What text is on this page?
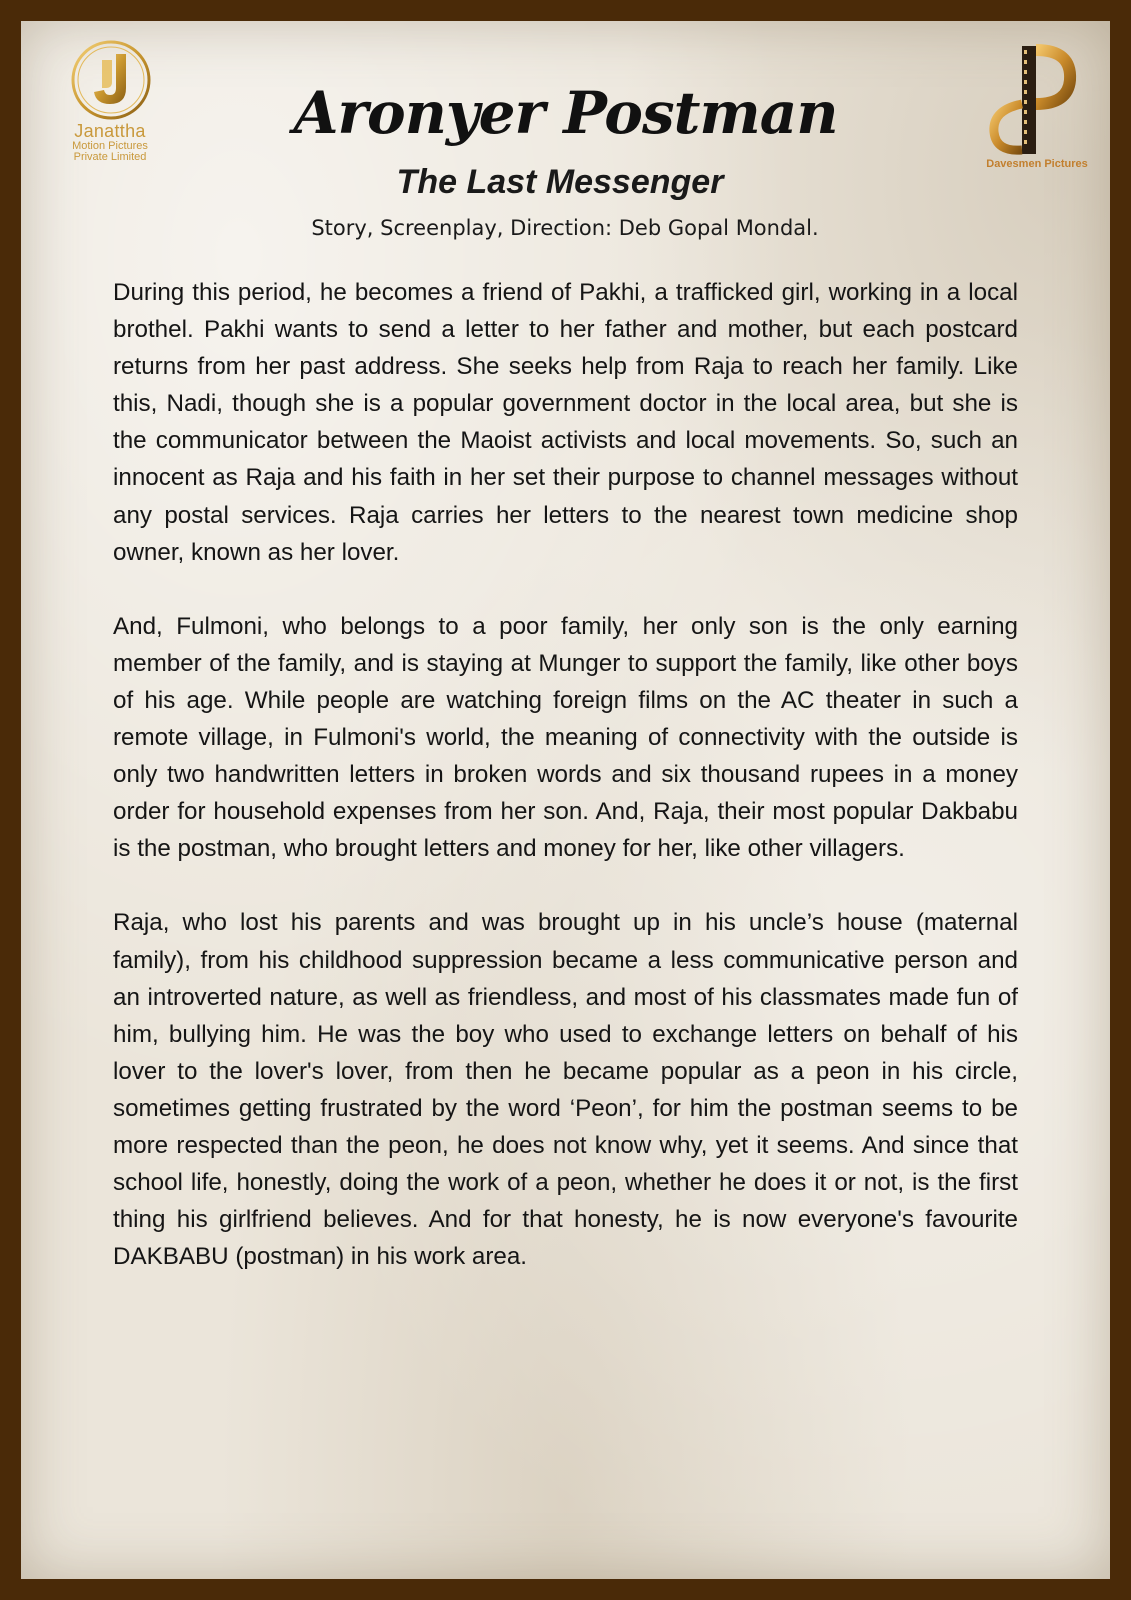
Janattha
Motion Pictures
Private Limited
Davesmen Pictures
Aronyer Postman
The Last Messenger
Story, Screenplay, Direction: Deb Gopal Mondal.

During this period, he becomes a friend of Pakhi, a trafficked girl, working in a local brothel. Pakhi wants to send a letter to her father and mother, but each postcard returns from her past address. She seeks help from Raja to reach her family. Like this, Nadi, though she is a popular government doctor in the local area, but she is the communicator between the Maoist activists and local movements. So, such an innocent as Raja and his faith in her set their purpose to channel messages without any postal services. Raja carries her letters to the nearest town medicine shop owner, known as her lover.

And, Fulmoni, who belongs to a poor family, her only son is the only earning member of the family, and is staying at Munger to support the family, like other boys of his age. While people are watching foreign films on the AC theater in such a remote village, in Fulmoni's world, the meaning of connectivity with the outside is only two handwritten letters in broken words and six thousand rupees in a money order for household expenses from her son. And, Raja, their most popular Dakbabu is the postman, who brought letters and money for her, like other villagers.

Raja, who lost his parents and was brought up in his uncle’s house (maternal family), from his childhood suppression became a less communicative person and an introverted nature, as well as friendless, and most of his classmates made fun of him, bullying him. He was the boy who used to exchange letters on behalf of his lover to the lover's lover, from then he became popular as a peon in his circle, sometimes getting frustrated by the word ‘Peon’, for him the postman seems to be more respected than the peon, he does not know why, yet it seems. And since that school life, honestly, doing the work of a peon, whether he does it or not, is the first thing his girlfriend believes. And for that honesty, he is now everyone's favourite DAKBABU (postman) in his work area.
